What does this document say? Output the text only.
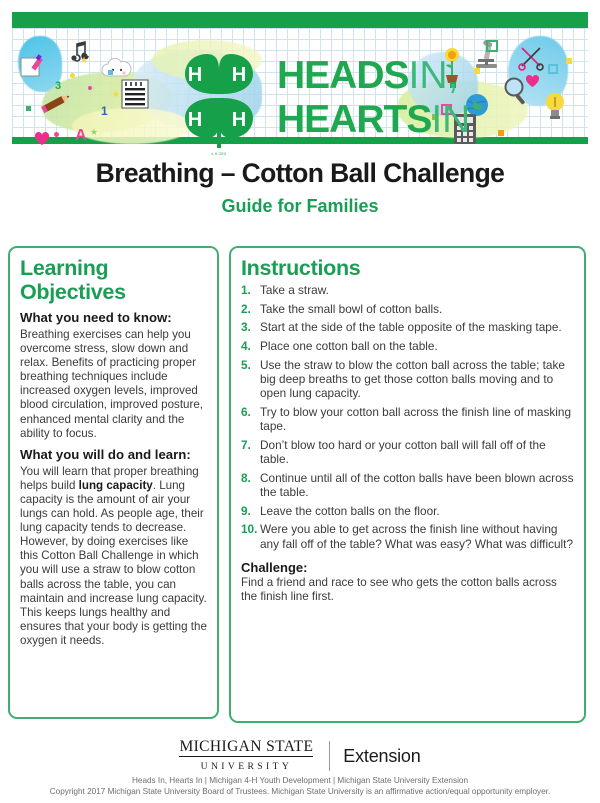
3
1
A
★
★
★
H H
H H
4-H.ORG
HEADSIN,
HEARTSIN
Breathing – Cotton Ball Challenge
Guide for Families
Learning Objectives
What you need to know:

Breathing exercises can help you overcome stress, slow down and relax. Benefits of practicing proper breathing techniques include increased oxygen levels, improved blood circulation, improved posture, enhanced mental clarity and the ability to focus.

What you will do and learn:

You will learn that proper breathing helps build lung capacity. Lung capacity is the amount of air your lungs can hold. As people age, their lung capacity tends to decrease. However, by doing exercises like this Cotton Ball Challenge in which you will use a straw to blow cotton balls across the table, you can maintain and increase lung capacity. This keeps lungs healthy and ensures that your body is getting the oxygen it needs.

Instructions
1. Take a straw.
2. Take the small bowl of cotton balls.
3. Start at the side of the table opposite of the masking tape.
4. Place one cotton ball on the table.
5. Use the straw to blow the cotton ball across the table; take big deep breaths to get those cotton balls moving and to open lung capacity.
6. Try to blow your cotton ball across the finish line of masking tape.
7. Don’t blow too hard or your cotton ball will fall off of the table.
8. Continue until all of the cotton balls have been blown across the table.
9. Leave the cotton balls on the floor.
10. Were you able to get across the finish line without having any fall off of the table? What was easy? What was difficult?
Challenge:

Find a friend and race to see who gets the cotton balls across the finish line first.

MICHIGAN STATE
UNIVERSITY  Extension
Heads In, Hearts In | Michigan 4-H Youth Development | Michigan State University Extension
Copyright 2017 Michigan State University Board of Trustees. Michigan State University is an affirmative action/equal opportunity employer.
